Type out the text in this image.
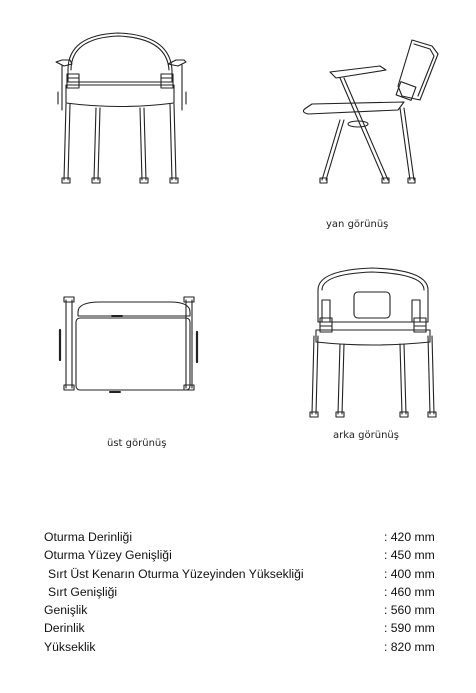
yan görünüş
üst görünüş
arka görünüş
Oturma Derinliği	: 420 mm
Oturma Yüzey Genişliği	: 450 mm
Sırt Üst Kenarın Oturma Yüzeyinden Yüksekliği	: 400 mm
Sırt Genişliği	: 460 mm
Genişlik	: 560 mm
Derinlik	: 590 mm
Yükseklik	: 820 mm
